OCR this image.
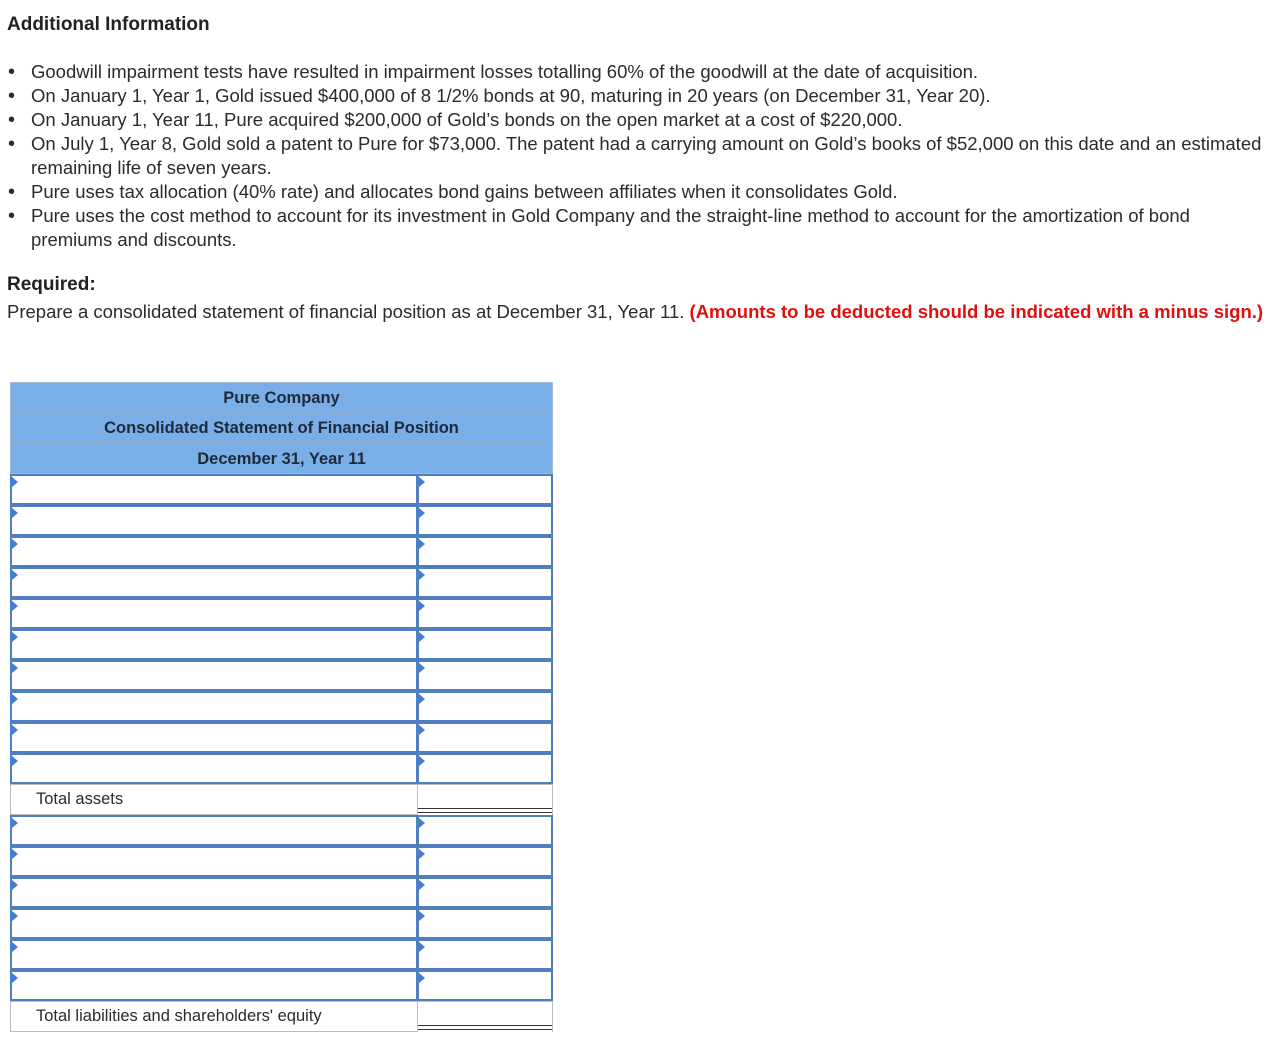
Additional Information
• Goodwill impairment tests have resulted in impairment losses totalling 60% of the goodwill at the date of acquisition.
• On January 1, Year 1, Gold issued $400,000 of 8 1/2% bonds at 90, maturing in 20 years (on December 31, Year 20).
• On January 1, Year 11, Pure acquired $200,000 of Gold’s bonds on the open market at a cost of $220,000.
• On July 1, Year 8, Gold sold a patent to Pure for $73,000. The patent had a carrying amount on Gold’s books of $52,000 on this date and an estimated remaining life of seven years.
• Pure uses tax allocation (40% rate) and allocates bond gains between affiliates when it consolidates Gold.
• Pure uses the cost method to account for its investment in Gold Company and the straight-line method to account for the amortization of bond premiums and discounts.
Required:
Prepare a consolidated statement of financial position as at December 31, Year 11. (Amounts to be deducted should be indicated with a minus sign.)
Pure Company
Consolidated Statement of Financial Position
December 31, Year 11
Total assets
Total liabilities and shareholders' equity
